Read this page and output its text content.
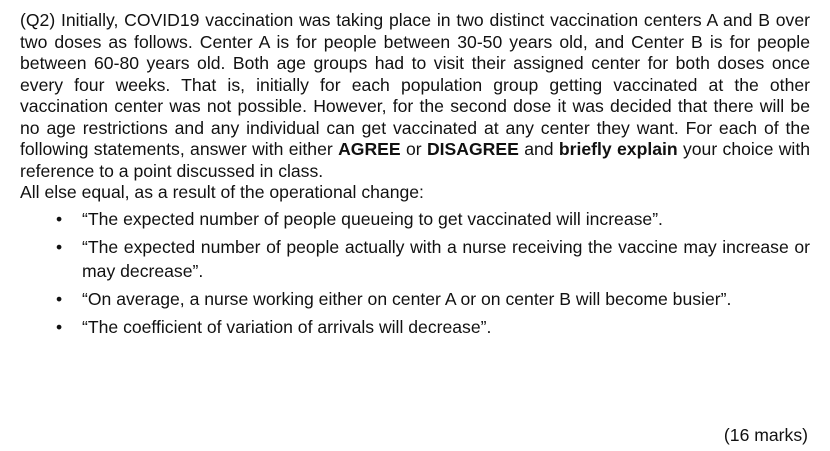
(Q2) Initially, COVID19 vaccination was taking place in two distinct vaccination centers A and B over two doses as follows. Center A is for people between 30-50 years old, and Center B is for people between 60-80 years old. Both age groups had to visit their assigned center for both doses once every four weeks. That is, initially for each population group getting vaccinated at the other vaccination center was not possible. However, for the second dose it was decided that there will be no age restrictions and any individual can get vaccinated at any center they want. For each of the following statements, answer with either AGREE or DISAGREE and briefly explain your choice with reference to a point discussed in class.

All else equal, as a result of the operational change:

• “The expected number of people queueing to get vaccinated will increase”.
• “The expected number of people actually with a nurse receiving the vaccine may increase or may decrease”.
• “On average, a nurse working either on center A or on center B will become busier”.
• “The coefficient of variation of arrivals will decrease”.
(16 marks)
